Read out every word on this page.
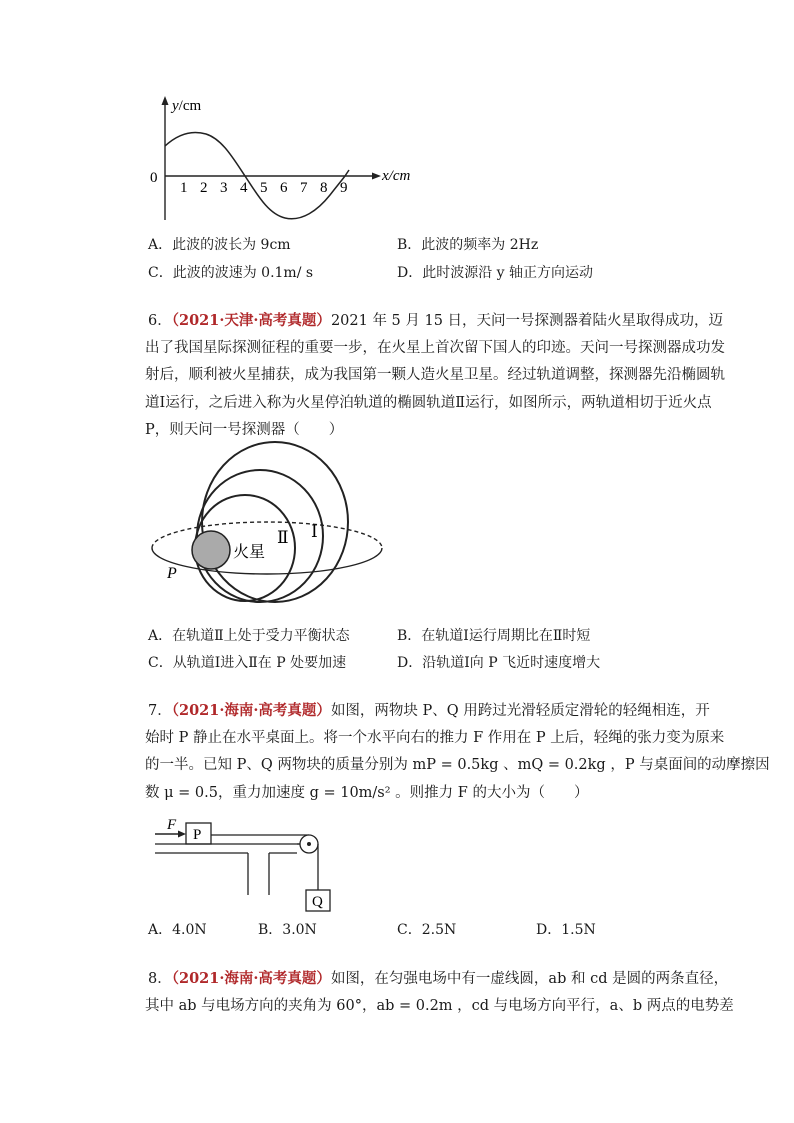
y/cm
0	x/cm
1 2 3 4 5 6 7 8 9
A．此波的波长为 9cm	B．此波的频率为 2Hz
C．此波的波速为 0.1m/ s	D．此时波源沿 y 轴正方向运动
6．（2021·天津·高考真题）2021 年 5 月 15 日，天问一号探测器着陆火星取得成功，迈
出了我国星际探测征程的重要一步，在火星上首次留下国人的印迹。天问一号探测器成功发
射后，顺利被火星捕获，成为我国第一颗人造火星卫星。经过轨道调整，探测器先沿椭圆轨
道Ⅰ运行，之后进入称为火星停泊轨道的椭圆轨道Ⅱ运行，如图所示，两轨道相切于近火点
P，则天问一号探测器（　　）
火星
Ⅱ Ⅰ
P
A．在轨道Ⅱ上处于受力平衡状态	B．在轨道Ⅰ运行周期比在Ⅱ时短
C．从轨道Ⅰ进入Ⅱ在 P 处要加速	D．沿轨道Ⅰ向 P 飞近时速度增大
7．（2021·海南·高考真题）如图，两物块 P、Q 用跨过光滑轻质定滑轮的轻绳相连，开
始时 P 静止在水平桌面上。将一个水平向右的推力 F 作用在 P 上后，轻绳的张力变为原来
的一半。已知 P、Q 两物块的质量分别为 mP = 0.5kg 、mQ = 0.2kg ，P 与桌面间的动摩擦因
数 μ = 0.5，重力加速度 g = 10m/s² 。则推力 F 的大小为（　　）
F
P
Q
A．4.0N	B．3.0N	C．2.5N	D．1.5N
8．（2021·海南·高考真题）如图，在匀强电场中有一虚线圆，ab 和 cd 是圆的两条直径，
其中 ab 与电场方向的夹角为 60°，ab = 0.2m ，cd 与电场方向平行，a、b 两点的电势差
